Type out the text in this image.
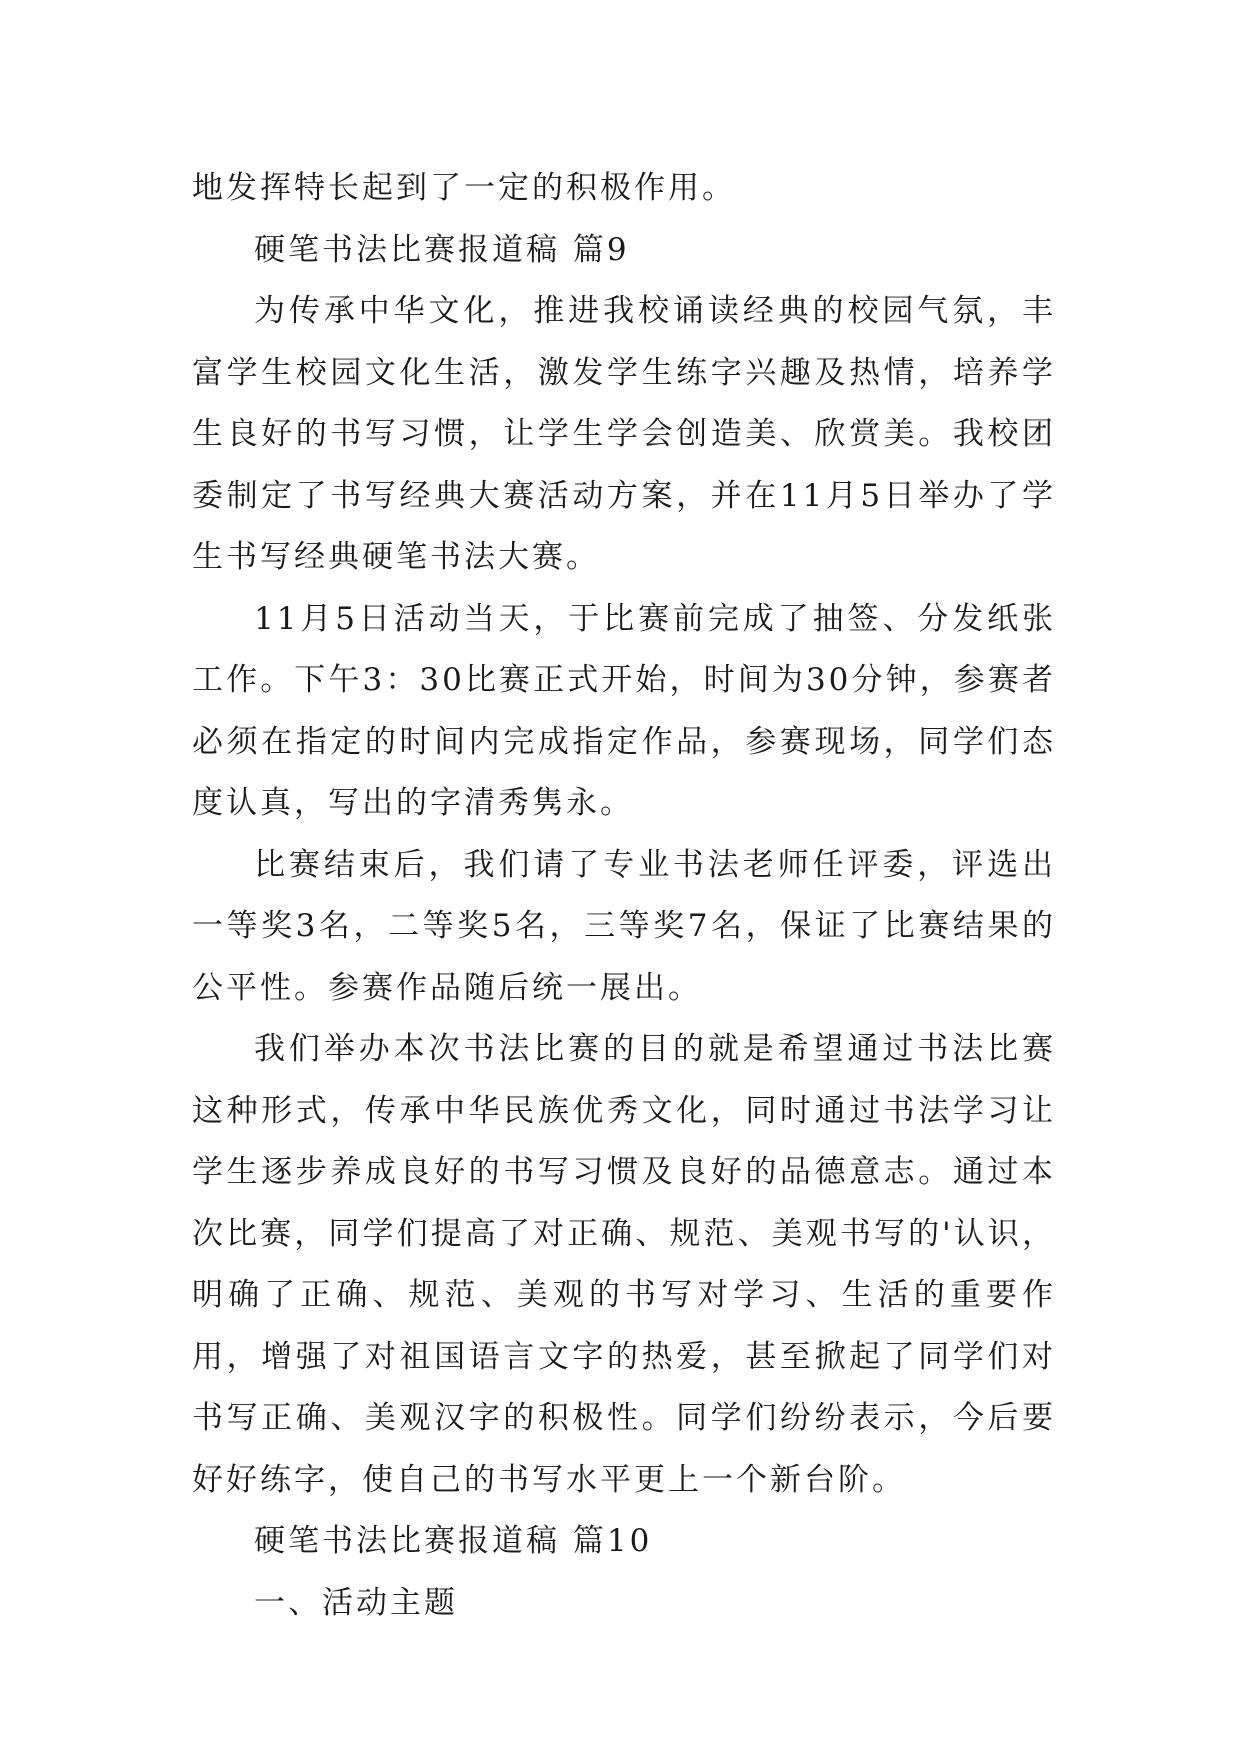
地发挥特长起到了一定的积极作用。

硬笔书法比赛报道稿 篇9

为传承中华文化，推进我校诵读经典的校园气氛，丰富学生校园文化生活，激发学生练字兴趣及热情，培养学生良好的书写习惯，让学生学会创造美、欣赏美。我校团委制定了书写经典大赛活动方案，并在11月5日举办了学生书写经典硬笔书法大赛。

11月5日活动当天，于比赛前完成了抽签、分发纸张工作。下午3：30比赛正式开始，时间为30分钟，参赛者必须在指定的时间内完成指定作品，参赛现场，同学们态度认真，写出的字清秀隽永。

比赛结束后，我们请了专业书法老师任评委，评选出一等奖3名，二等奖5名，三等奖7名，保证了比赛结果的公平性。参赛作品随后统一展出。

我们举办本次书法比赛的目的就是希望通过书法比赛这种形式，传承中华民族优秀文化，同时通过书法学习让学生逐步养成良好的书写习惯及良好的品德意志。通过本次比赛，同学们提高了对正确、规范、美观书写的'认识，明确了正确、规范、美观的书写对学习、生活的重要作用，增强了对祖国语言文字的热爱，甚至掀起了同学们对书写正确、美观汉字的积极性。同学们纷纷表示，今后要好好练字，使自己的书写水平更上一个新台阶。

硬笔书法比赛报道稿 篇10

一、活动主题
